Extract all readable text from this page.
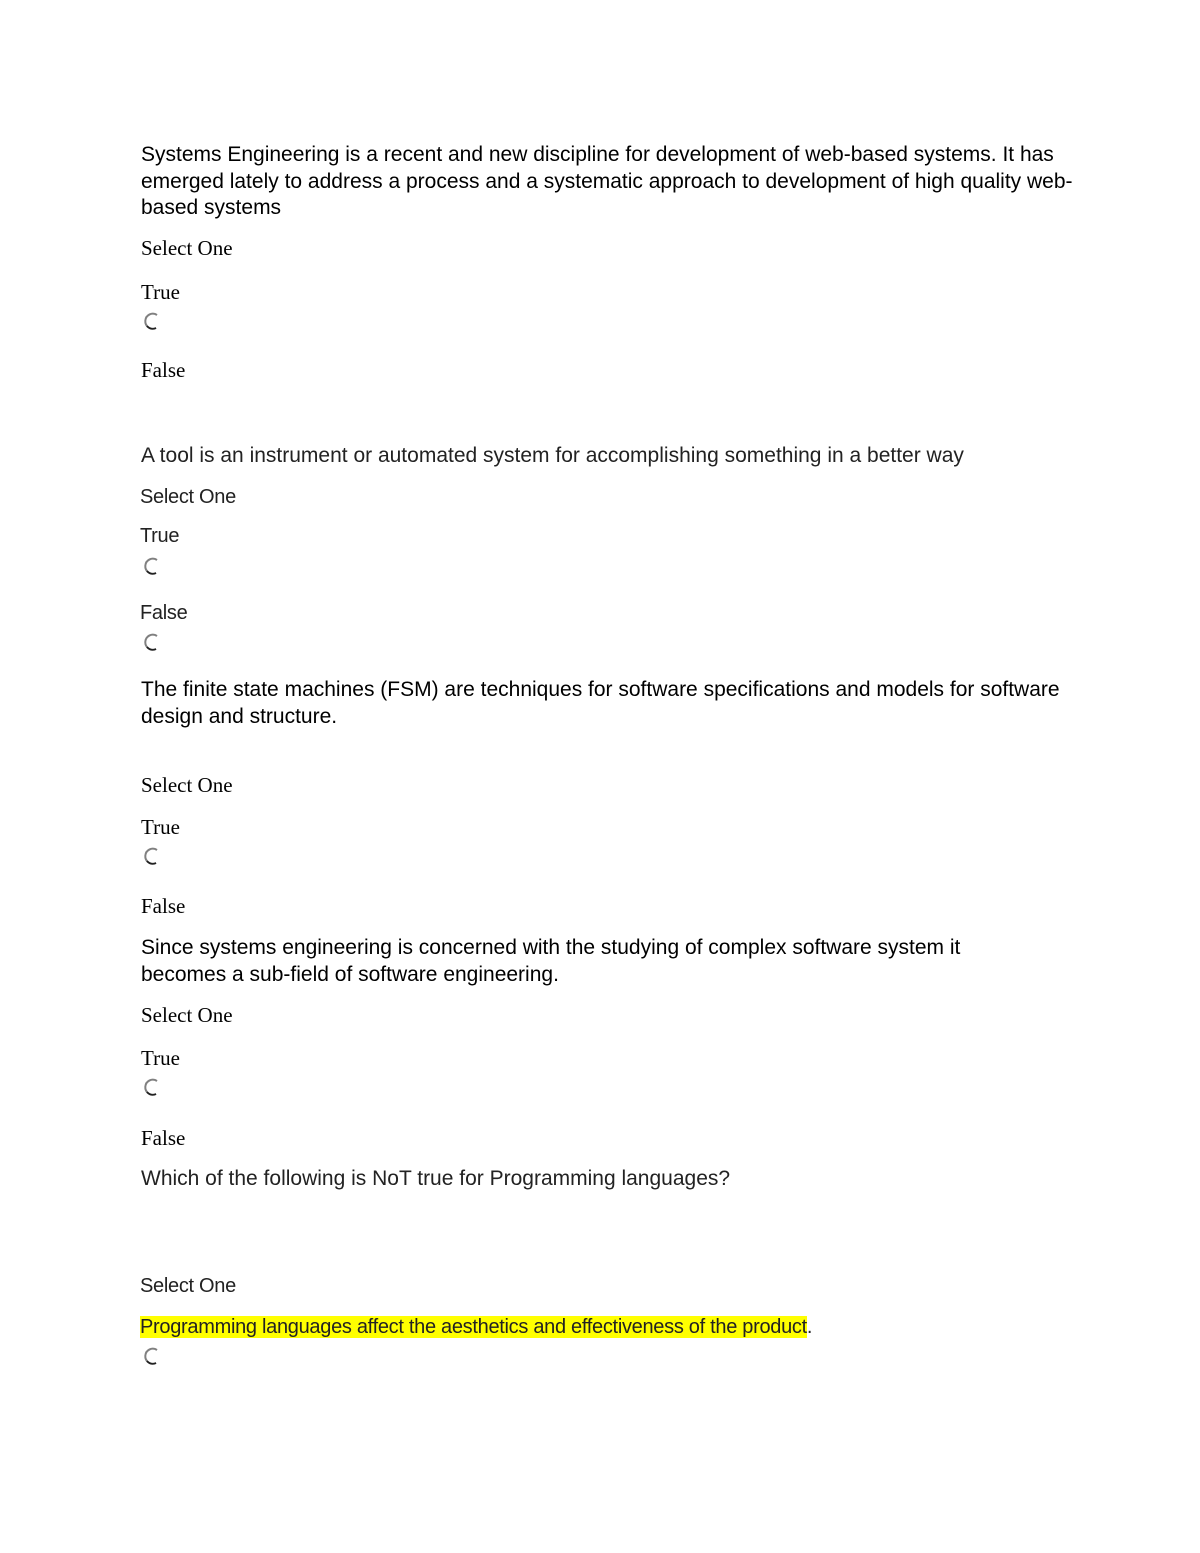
Systems Engineering is a recent and new discipline for development of web-based systems. It has emerged lately to address a process and a systematic approach to development of high quality web-based systems
Select One
True
False
A tool is an instrument or automated system for accomplishing something in a better way
Select One
True
False
The finite state machines (FSM) are techniques for software specifications and models for software design and structure.
Select One
True
False
Since systems engineering is concerned with the studying of complex software system it becomes a sub-field of software engineering.
Select One
True
False
Which of the following is NoT true for Programming languages?
Select One
Programming languages affect the aesthetics and effectiveness of the product.
